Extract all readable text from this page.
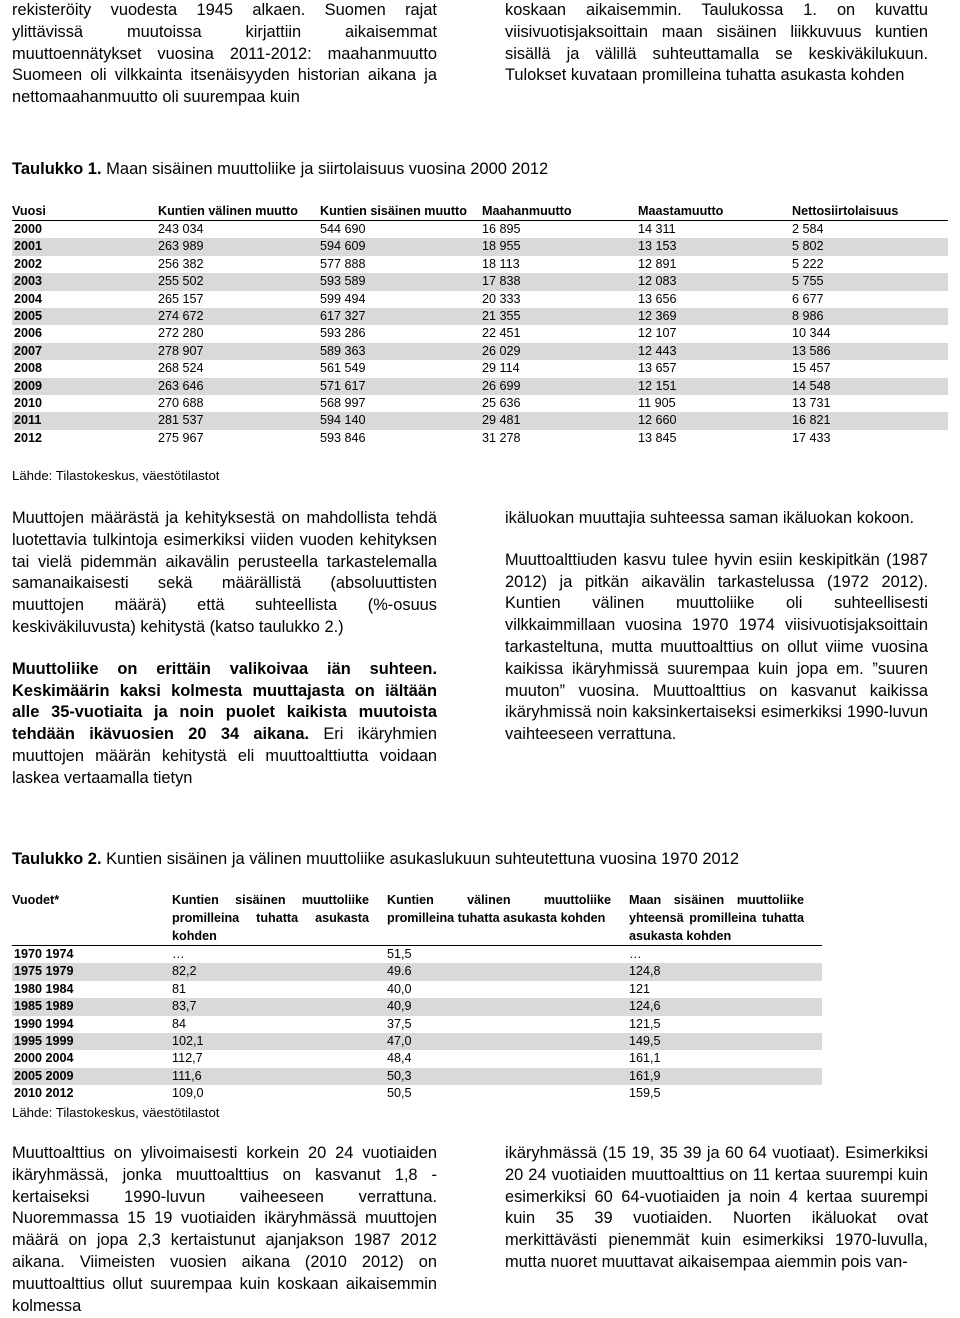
rekisteröity vuodesta 1945 alkaen. Suomen rajat ylittävissä muutoissa kirjattiin aikaisemmat muuttoennätykset vuosina 2011-2012: maahanmuutto Suomeen oli vilkkainta itsenäisyyden historian aikana ja nettomaahanmuutto oli suurempaa kuin

koskaan aikaisemmin. Taulukossa 1. on kuvattu viisivuotisjaksoittain maan sisäinen liikkuvuus kuntien sisällä ja välillä suhteuttamalla se keskiväkilukuun. Tulokset kuvataan promilleina tuhatta asukasta kohden

Taulukko 1. Maan sisäinen muuttoliike ja siirtolaisuus vuosina 2000 2012
Vuosi	Kuntien välinen muutto	Kuntien sisäinen muutto	Maahanmuutto	Maastamuutto	Nettosiirtolaisuus
2000	243 034	544 690	16 895	14 311	2 584
2001	263 989	594 609	18 955	13 153	5 802
2002	256 382	577 888	18 113	12 891	5 222
2003	255 502	593 589	17 838	12 083	5 755
2004	265 157	599 494	20 333	13 656	6 677
2005	274 672	617 327	21 355	12 369	8 986
2006	272 280	593 286	22 451	12 107	10 344
2007	278 907	589 363	26 029	12 443	13 586
2008	268 524	561 549	29 114	13 657	15 457
2009	263 646	571 617	26 699	12 151	14 548
2010	270 688	568 997	25 636	11 905	13 731
2011	281 537	594 140	29 481	12 660	16 821
2012	275 967	593 846	31 278	13 845	17 433
Lähde: Tilastokeskus, väestötilastot

Muuttojen määrästä ja kehityksestä on mahdollista tehdä luotettavia tulkintoja esimerkiksi viiden vuoden kehityksen tai vielä pidemmän aikavälin perusteella tarkastelemalla samanaikaisesti sekä määrällistä (absoluuttisten muuttojen määrä) että suhteellista (%-osuus keskiväkiluvusta) kehitystä (katso taulukko 2.)

Muuttoliike on erittäin valikoivaa iän suhteen. Keskimäärin kaksi kolmesta muuttajasta on iältään alle 35-vuotiaita ja noin puolet kaikista muutoista tehdään ikävuosien 20 34 aikana. Eri ikäryhmien muuttojen määrän kehitystä eli muuttoalttiutta voidaan laskea vertaamalla tietyn

ikäluokan muuttajia suhteessa saman ikäluokan kokoon.

Muuttoalttiuden kasvu tulee hyvin esiin keskipitkän (1987 2012) ja pitkän aikavälin tarkastelussa (1972 2012). Kuntien välinen muuttoliike oli suhteellisesti vilkkaimmillaan vuosina 1970 1974 viisivuotisjaksoittain tarkasteltuna, mutta muuttoalttius on ollut viime vuosina kaikissa ikäryhmissä suurempaa kuin jopa em. ”suuren muuton” vuosina. Muuttoalttius on kasvanut kaikissa ikäryhmissä noin kaksinkertaiseksi esimerkiksi 1990-luvun vaihteeseen verrattuna.

Taulukko 2. Kuntien sisäinen ja välinen muuttoliike asukaslukuun suhteutettuna vuosina 1970 2012
Vuodet*	Kuntien sisäinen muuttoliike promilleina tuhatta asukasta kohden	Kuntien välinen muuttoliike promilleina tuhatta asukasta kohden	Maan sisäinen muuttoliike yhteensä promilleina tuhatta asukasta kohden
1970 1974	…	51,5	…
1975 1979	82,2	49.6	124,8
1980 1984	81	40,0	121
1985 1989	83,7	40,9	124,6
1990 1994	84	37,5	121,5
1995 1999	102,1	47,0	149,5
2000 2004	112,7	48,4	161,1
2005 2009	111,6	50,3	161,9
2010 2012	109,0	50,5	159,5
Lähde: Tilastokeskus, väestötilastot

Muuttoalttius on ylivoimaisesti korkein 20 24 vuotiaiden ikäryhmässä, jonka muuttoalttius on kasvanut 1,8 -kertaiseksi 1990-luvun vaiheeseen verrattuna. Nuoremmassa 15 19 vuotiaiden ikäryhmässä muuttojen määrä on jopa 2,3 kertaistunut ajanjakson 1987 2012 aikana. Viimeisten vuosien aikana (2010 2012) on muuttoalttius ollut suurempaa kuin koskaan aikaisemmin kolmessa

ikäryhmässä (15 19, 35 39 ja 60 64 vuotiaat). Esimerkiksi 20 24 vuotiaiden muuttoalttius on 11 kertaa suurempi kuin esimerkiksi 60 64-vuotiaiden ja noin 4 kertaa suurempi kuin 35 39 vuotiaiden. Nuorten ikäluokat ovat merkittävästi pienemmät kuin esimerkiksi 1970-luvulla, mutta nuoret muuttavat aikaisempaa aiemmin pois van-
